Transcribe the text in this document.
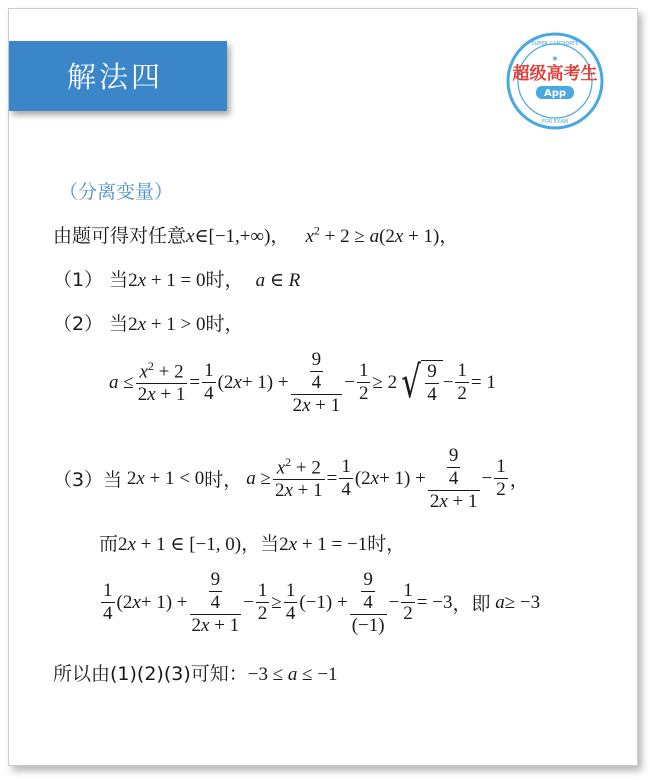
解法四
SUPER CANDIDATE
FOR EXAM
超级高考生
App
★
（分离变量）
由题可得对任意x∈[−1,+∞)， $x^2 + 2 \ge a(2x + 1)$，
（1） 当2x + 1 = 0时， a ∈ R
（2） 当2x + 1 > 0时，
$a \le \frac{x^2 + 2}{2x + 1} = \frac{1}{4} (2$ $x + 1) + \frac{\frac{9}{4}}{2x + 1} - \frac{1}{2} \ge 2$ √ $\frac{9}{4} - \frac{1}{2} = 1$
（3） 当 2x + 1 < 0 时， $a \ge \frac{x^2 + 2}{2x + 1} = \frac{1}{4} (2$ $x + 1) + \frac{\frac{9}{4}}{2x + 1} - \frac{1}{2}$ ，
而2x + 1 ∈ [−1, 0)，当2x + 1 = −1时，
$\frac{1}{4} (2$ $x + 1) + \frac{\frac{9}{4}}{2x + 1} - \frac{1}{2} \ge \frac{1}{4} (-1) + \frac{\frac{9}{4}}{(-1)} - \frac{1}{2} = -3$ ，即
a ≥ −3
所以由(1)(2)(3)可知：−3 ≤ a ≤ −1
